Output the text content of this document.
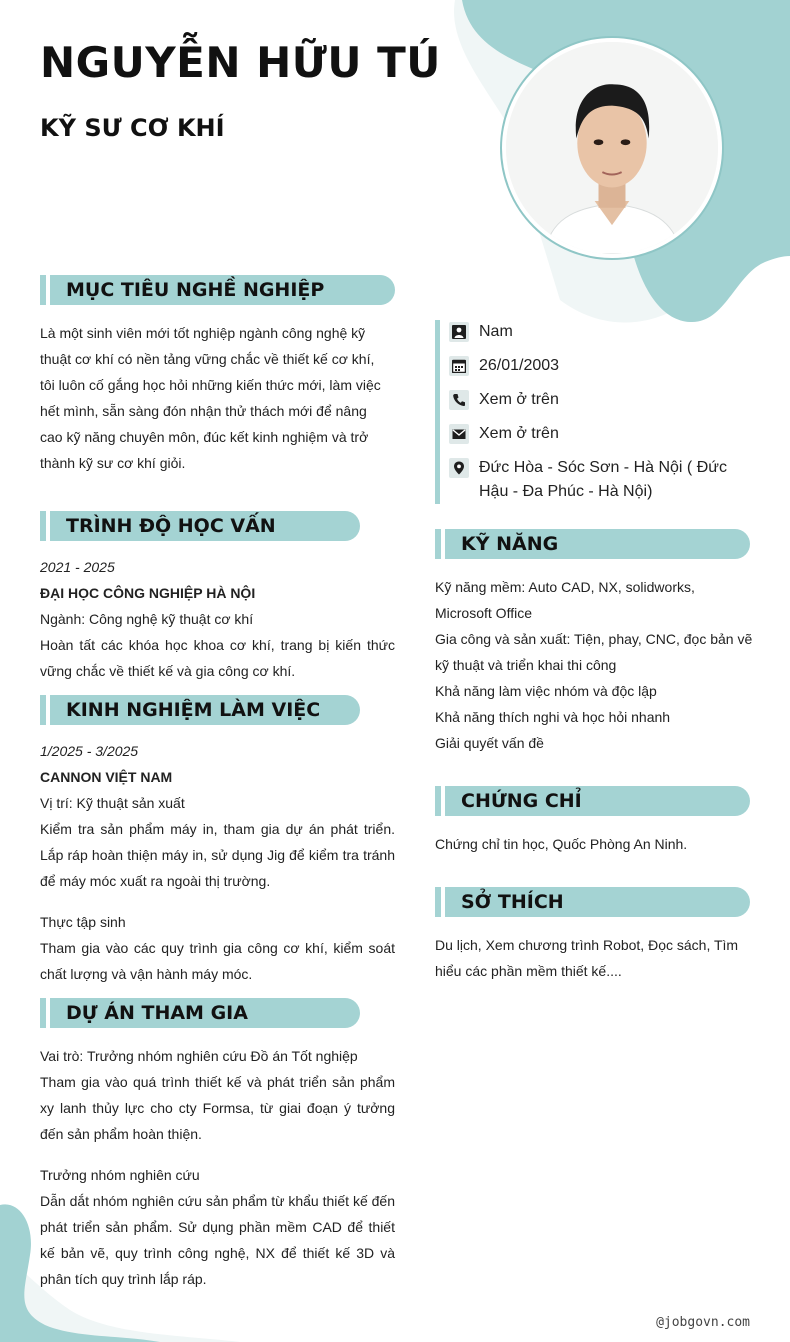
NGUYỄN HỮU TÚ
KỸ SƯ CƠ KHÍ
MỤC TIÊU NGHỀ NGHIỆP
Là một sinh viên mới tốt nghiệp ngành công nghệ kỹ thuật cơ khí có nền tảng vững chắc về thiết kế cơ khí, tôi luôn cố gắng học hỏi những kiến thức mới, làm việc hết mình, sẵn sàng đón nhận thử thách mới để nâng cao kỹ năng chuyên môn, đúc kết kinh nghiệm và trở thành kỹ sư cơ khí giỏi.
Nam
26/01/2003
Xem ở trên
Xem ở trên
Đức Hòa - Sóc Sơn - Hà Nội ( Đức Hậu - Đa Phúc - Hà Nội)
TRÌNH ĐỘ HỌC VẤN
2021 - 2025
ĐẠI HỌC CÔNG NGHIỆP HÀ NỘI
Ngành: Công nghệ kỹ thuật cơ khí
Hoàn tất các khóa học khoa cơ khí, trang bị kiến thức vững chắc về thiết kế và gia công cơ khí.
KINH NGHIỆM LÀM VIỆC
1/2025 - 3/2025
CANNON VIỆT NAM
Vị trí: Kỹ thuật sản xuất
Kiểm tra sản phẩm máy in, tham gia dự án phát triển. Lắp ráp hoàn thiện máy in, sử dụng Jig để kiểm tra tránh để máy móc xuất ra ngoài thị trường.
Thực tập sinh
Tham gia vào các quy trình gia công cơ khí, kiểm soát chất lượng và vận hành máy móc.
DỰ ÁN THAM GIA
Vai trò: Trưởng nhóm nghiên cứu Đồ án Tốt nghiệp
Tham gia vào quá trình thiết kế và phát triển sản phẩm xy lanh thủy lực cho cty Formsa, từ giai đoạn ý tưởng đến sản phẩm hoàn thiện.
Trưởng nhóm nghiên cứu
Dẫn dắt nhóm nghiên cứu sản phẩm từ khẩu thiết kế đến phát triển sản phẩm. Sử dụng phần mềm CAD để thiết kế bản vẽ, quy trình công nghệ, NX để thiết kế 3D và phân tích quy trình lắp ráp.
KỸ NĂNG
Kỹ năng mềm: Auto CAD, NX, solidworks, Microsoft Office
Gia công và sản xuất: Tiện, phay, CNC, đọc bản vẽ kỹ thuật và triển khai thi công
Khả năng làm việc nhóm và độc lập
Khả năng thích nghi và học hỏi nhanh
Giải quyết vấn đề
CHỨNG CHỈ
Chứng chỉ tin học, Quốc Phòng An Ninh.
SỞ THÍCH
Du lịch, Xem chương trình Robot, Đọc sách, Tìm hiểu các phần mềm thiết kế....
@jobgovn.com
